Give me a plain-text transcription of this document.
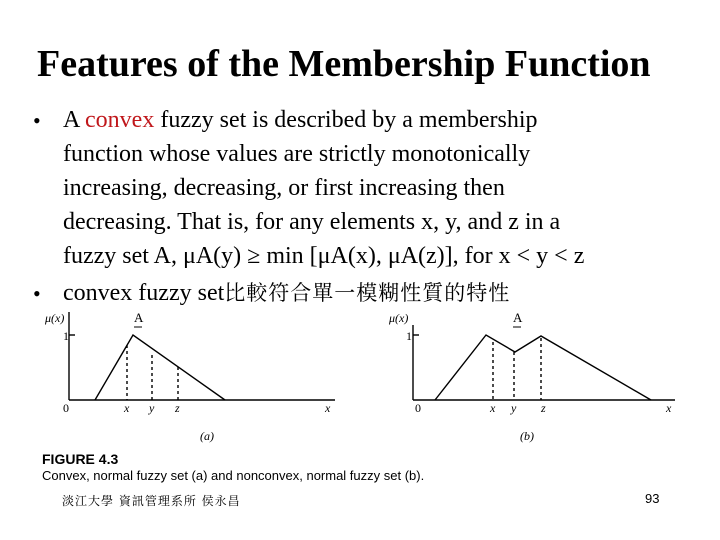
Features of the Membership Function
• A convex fuzzy set is described by a membership
function whose values are strictly monotonically
increasing, decreasing, or first increasing then
decreasing. That is, for any elements x, y, and z in a
fuzzy set A, μA(y) ≥ min [μA(x), μA(z)], for x < y < z
• convex fuzzy set比較符合單一模糊性質的特性
μ(x)	A
1
0	x y z	x
(a)
μ(x)	A
1
0	x y z	x
(b)
FIGURE 4.3
Convex, normal fuzzy set (a) and nonconvex, normal fuzzy set (b).
淡江大學 資訊管理系所 侯永昌	93
